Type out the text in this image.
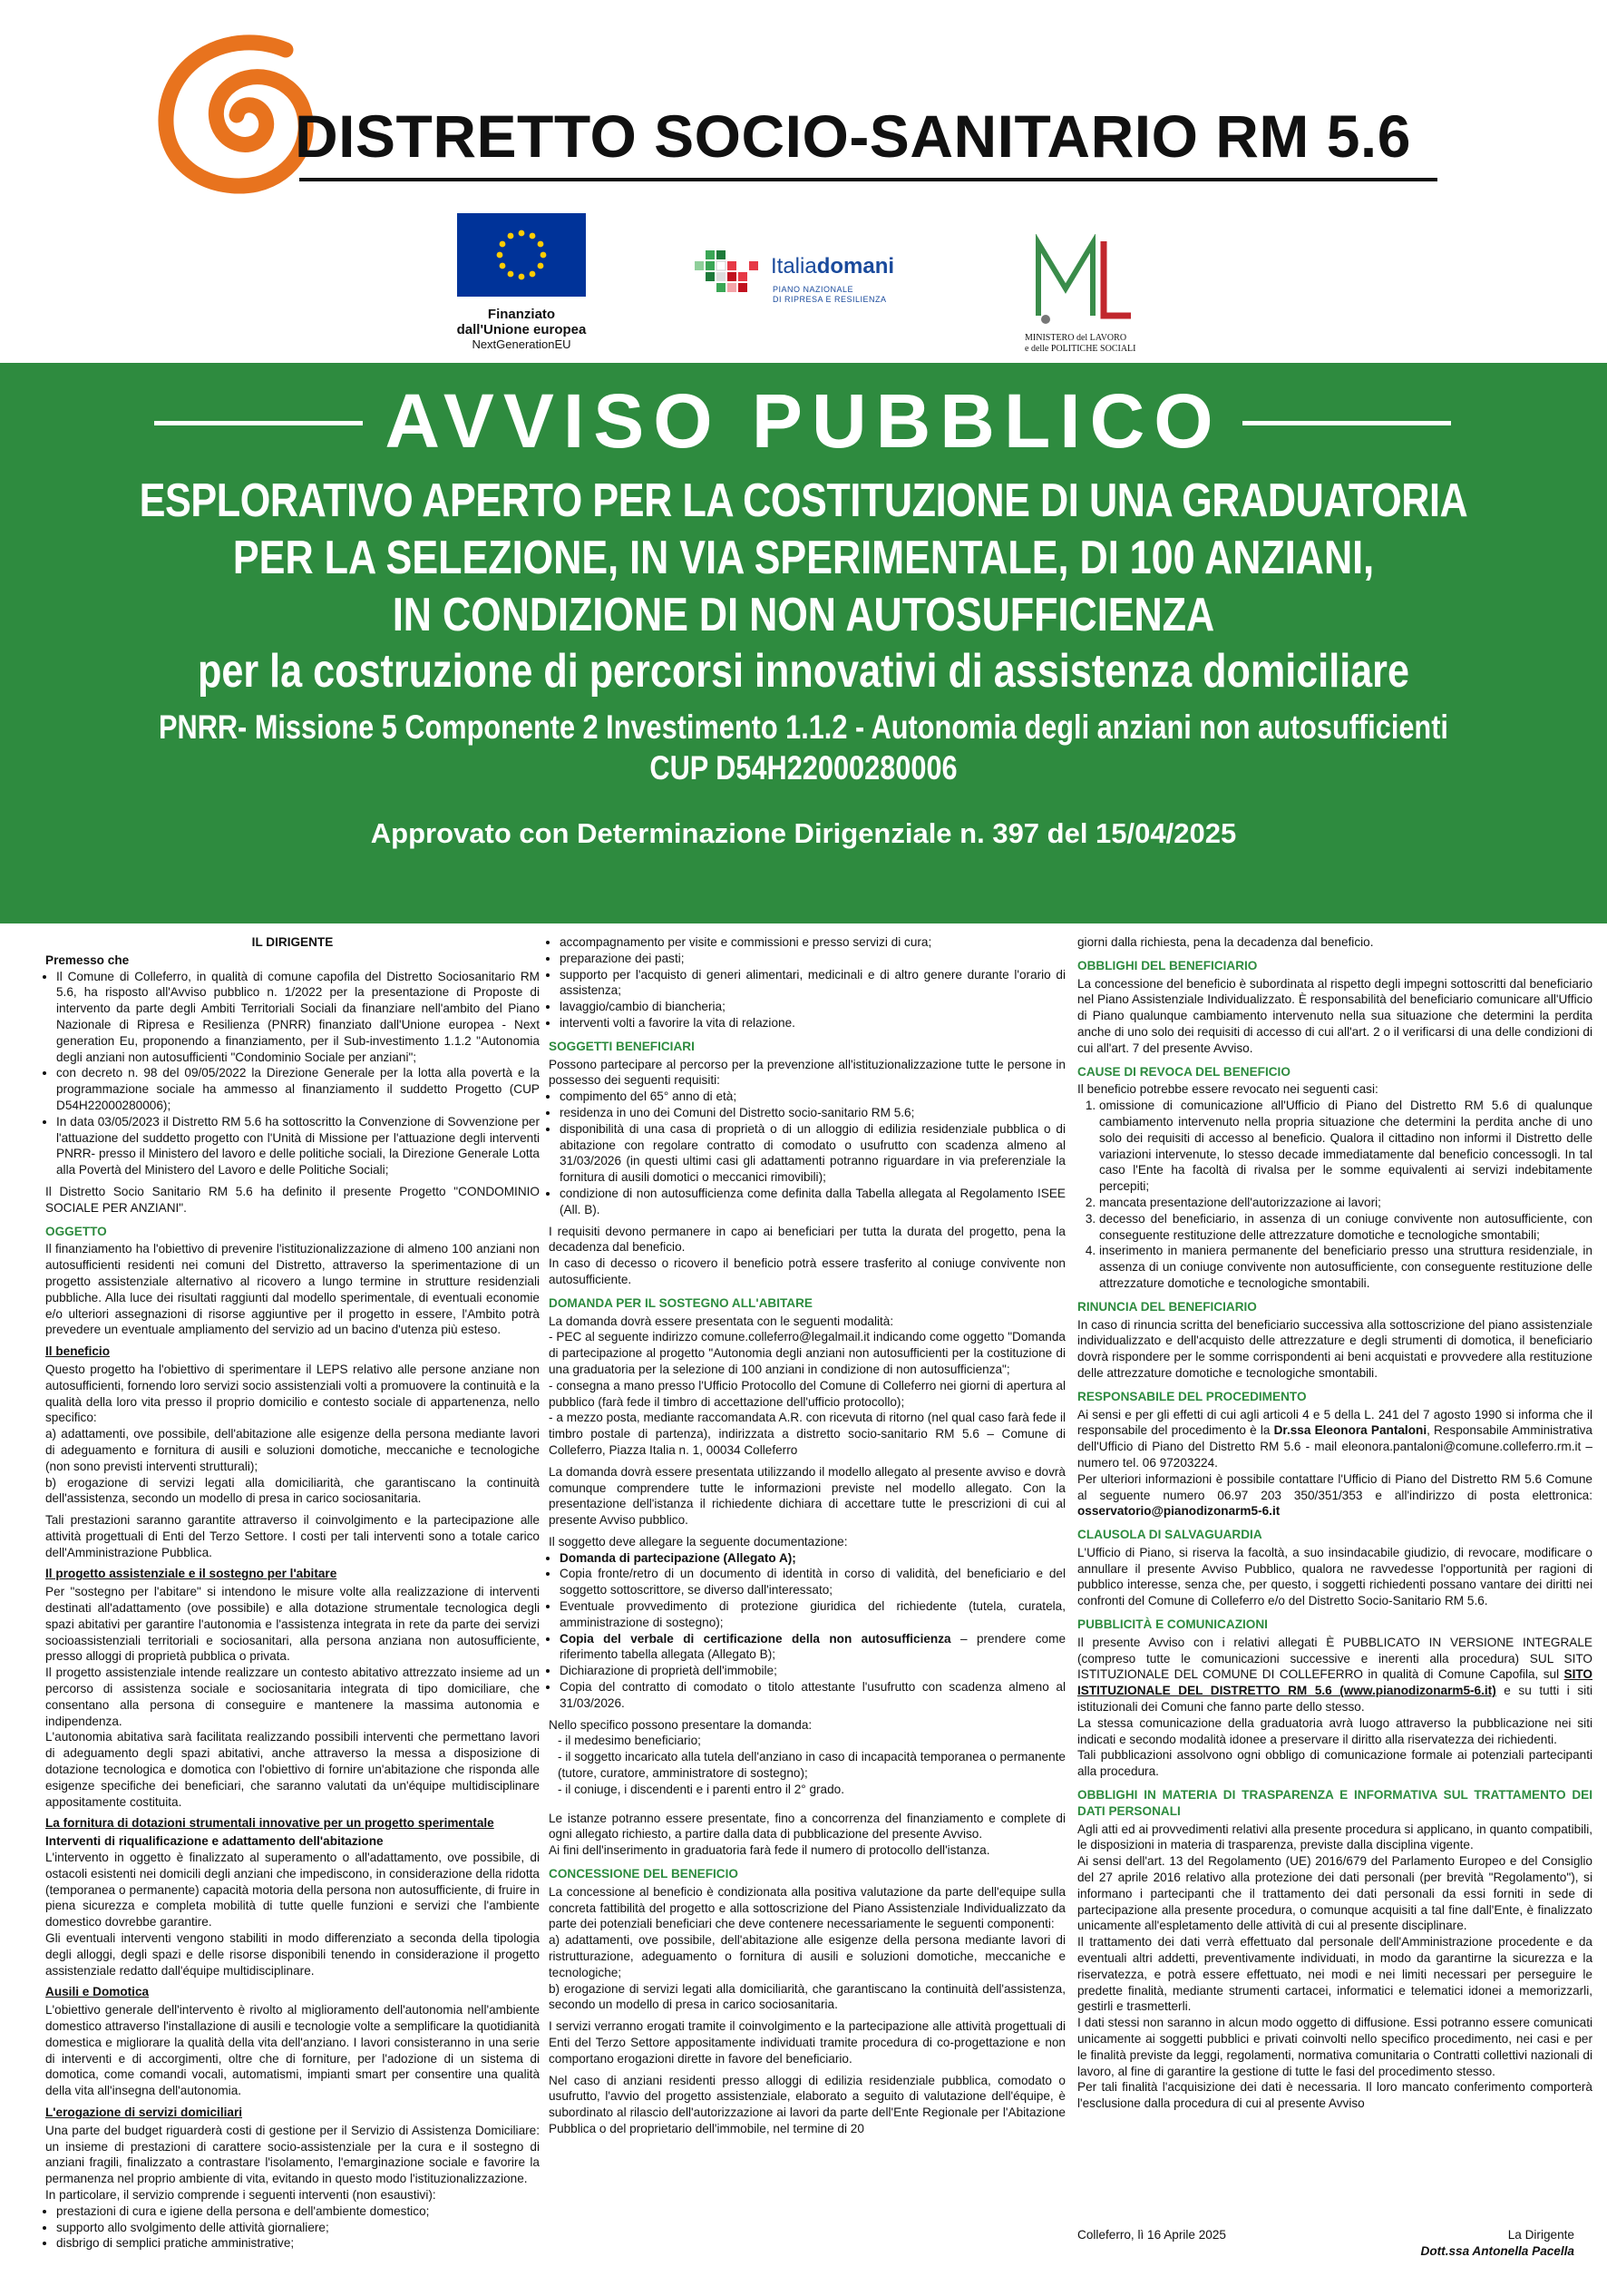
DISTRETTO SOCIO-SANITARIO RM 5.6
Finanziato
dall'Unione europea
NextGenerationEU
Italiadomani
PIANO NAZIONALE
DI RIPRESA E RESILIENZA
MINISTERO del LAVORO
e delle POLITICHE SOCIALI
AVVISO PUBBLICO
ESPLORATIVO APERTO PER LA COSTITUZIONE DI UNA GRADUATORIA
PER LA SELEZIONE, IN VIA SPERIMENTALE, DI 100 ANZIANI,
IN CONDIZIONE DI NON AUTOSUFFICIENZA
per la costruzione di percorsi innovativi di assistenza domiciliare
PNRR- Missione 5 Componente 2 Investimento 1.1.2 - Autonomia degli anziani non autosufficienti
CUP D54H22000280006
Approvato con Determinazione Dirigenziale n. 397 del 15/04/2025

IL DIRIGENTE

Premesso che

• Il Comune di Colleferro, in qualità di comune capofila del Distretto Sociosanitario RM 5.6, ha risposto all'Avviso pubblico n. 1/2022 per la presentazione di Proposte di intervento da parte degli Ambiti Territoriali Sociali da finanziare nell'ambito del Piano Nazionale di Ripresa e Resilienza (PNRR) finanziato dall'Unione europea - Next generation Eu, proponendo a finanziamento, per il Sub-investimento 1.1.2 "Autonomia degli anziani non autosufficienti "Condominio Sociale per anziani";
• con decreto n. 98 del 09/05/2022 la Direzione Generale per la lotta alla povertà e la programmazione sociale ha ammesso al finanziamento il suddetto Progetto (CUP D54H22000280006);
• In data 03/05/2023 il Distretto RM 5.6 ha sottoscritto la Convenzione di Sovvenzione per l'attuazione del suddetto progetto con l'Unità di Missione per l'attuazione degli interventi PNRR- presso il Ministero del lavoro e delle politiche sociali, la Direzione Generale Lotta alla Povertà del Ministero del Lavoro e delle Politiche Sociali;

Il Distretto Socio Sanitario RM 5.6 ha definito il presente Progetto "CONDOMINIO SOCIALE PER ANZIANI".

OGGETTO

Il finanziamento ha l'obiettivo di prevenire l'istituzionalizzazione di almeno 100 anziani non autosufficienti residenti nei comuni del Distretto, attraverso la sperimentazione di un progetto assistenziale alternativo al ricovero a lungo termine in strutture residenziali pubbliche. Alla luce dei risultati raggiunti dal modello sperimentale, di eventuali economie e/o ulteriori assegnazioni di risorse aggiuntive per il progetto in essere, l'Ambito potrà prevedere un eventuale ampliamento del servizio ad un bacino d'utenza più esteso.

Il beneficio

Questo progetto ha l'obiettivo di sperimentare il LEPS relativo alle persone anziane non autosufficienti, fornendo loro servizi socio assistenziali volti a promuovere la continuità e la qualità della loro vita presso il proprio domicilio e contesto sociale di appartenenza, nello specifico:

a) adattamenti, ove possibile, dell'abitazione alle esigenze della persona mediante lavori di adeguamento e fornitura di ausili e soluzioni domotiche, meccaniche e tecnologiche (non sono previsti interventi strutturali);

b) erogazione di servizi legati alla domiciliarità, che garantiscano la continuità dell'assistenza, secondo un modello di presa in carico sociosanitaria.

Tali prestazioni saranno garantite attraverso il coinvolgimento e la partecipazione alle attività progettuali di Enti del Terzo Settore. I costi per tali interventi sono a totale carico dell'Amministrazione Pubblica.

Il progetto assistenziale e il sostegno per l'abitare

Per "sostegno per l'abitare" si intendono le misure volte alla realizzazione di interventi destinati all'adattamento (ove possibile) e alla dotazione strumentale tecnologica degli spazi abitativi per garantire l'autonomia e l'assistenza integrata in rete da parte dei servizi socioassistenziali territoriali e sociosanitari, alla persona anziana non autosufficiente, presso alloggi di proprietà pubblica o privata.

Il progetto assistenziale intende realizzare un contesto abitativo attrezzato insieme ad un percorso di assistenza sociale e sociosanitaria integrata di tipo domiciliare, che consentano alla persona di conseguire e mantenere la massima autonomia e indipendenza.

L'autonomia abitativa sarà facilitata realizzando possibili interventi che permettano lavori di adeguamento degli spazi abitativi, anche attraverso la messa a disposizione di dotazione tecnologica e domotica con l'obiettivo di fornire un'abitazione che risponda alle esigenze specifiche dei beneficiari, che saranno valutati da un'équipe multidisciplinare appositamente costituita.

La fornitura di dotazioni strumentali innovative per un progetto sperimentale

Interventi di riqualificazione e adattamento dell'abitazione

L'intervento in oggetto è finalizzato al superamento o all'adattamento, ove possibile, di ostacoli esistenti nei domicili degli anziani che impediscono, in considerazione della ridotta (temporanea o permanente) capacità motoria della persona non autosufficiente, di fruire in piena sicurezza e completa mobilità di tutte quelle funzioni e servizi che l'ambiente domestico dovrebbe garantire.

Gli eventuali interventi vengono stabiliti in modo differenziato a seconda della tipologia degli alloggi, degli spazi e delle risorse disponibili tenendo in considerazione il progetto assistenziale redatto dall'équipe multidisciplinare.

Ausili e Domotica

L'obiettivo generale dell'intervento è rivolto al miglioramento dell'autonomia nell'ambiente domestico attraverso l'installazione di ausili e tecnologie volte a semplificare la quotidianità domestica e migliorare la qualità della vita dell'anziano. I lavori consisteranno in una serie di interventi e di accorgimenti, oltre che di forniture, per l'adozione di un sistema di domotica, come comandi vocali, automatismi, impianti smart per consentire una qualità della vita all'insegna dell'autonomia.

L'erogazione di servizi domiciliari

Una parte del budget riguarderà costi di gestione per il Servizio di Assistenza Domiciliare: un insieme di prestazioni di carattere socio-assistenziale per la cura e il sostegno di anziani fragili, finalizzato a contrastare l'isolamento, l'emarginazione sociale e favorire la permanenza nel proprio ambiente di vita, evitando in questo modo l'istituzionalizzazione.

In particolare, il servizio comprende i seguenti interventi (non esaustivi):

• prestazioni di cura e igiene della persona e dell'ambiente domestico;
• supporto allo svolgimento delle attività giornaliere;
• disbrigo di semplici pratiche amministrative;
• accompagnamento per visite e commissioni e presso servizi di cura;
• preparazione dei pasti;
• supporto per l'acquisto di generi alimentari, medicinali e di altro genere durante l'orario di assistenza;
• lavaggio/cambio di biancheria;
• interventi volti a favorire la vita di relazione.

SOGGETTI BENEFICIARI

Possono partecipare al percorso per la prevenzione all'istituzionalizzazione tutte le persone in possesso dei seguenti requisiti:

• compimento del 65° anno di età;
• residenza in uno dei Comuni del Distretto socio-sanitario RM 5.6;
• disponibilità di una casa di proprietà o di un alloggio di edilizia residenziale pubblica o di abitazione con regolare contratto di comodato o usufrutto con scadenza almeno al 31/03/2026 (in questi ultimi casi gli adattamenti potranno riguardare in via preferenziale la fornitura di ausili domotici o meccanici rimovibili);
• condizione di non autosufficienza come definita dalla Tabella allegata al Regolamento ISEE (All. B).

I requisiti devono permanere in capo ai beneficiari per tutta la durata del progetto, pena la decadenza dal beneficio.

In caso di decesso o ricovero il beneficio potrà essere trasferito al coniuge convivente non autosufficiente.

DOMANDA PER IL SOSTEGNO ALL'ABITARE

La domanda dovrà essere presentata con le seguenti modalità:

- PEC al seguente indirizzo comune.colleferro@legalmail.it indicando come oggetto "Domanda di partecipazione al progetto "Autonomia degli anziani non autosufficienti per la costituzione di una graduatoria per la selezione di 100 anziani in condizione di non autosufficienza";

- consegna a mano presso l'Ufficio Protocollo del Comune di Colleferro nei giorni di apertura al pubblico (farà fede il timbro di accettazione dell'ufficio protocollo);

- a mezzo posta, mediante raccomandata A.R. con ricevuta di ritorno (nel qual caso farà fede il timbro postale di partenza), indirizzata a distretto socio-sanitario RM 5.6 – Comune di Colleferro, Piazza Italia n. 1, 00034 Colleferro

La domanda dovrà essere presentata utilizzando il modello allegato al presente avviso e dovrà comunque comprendere tutte le informazioni previste nel modello allegato. Con la presentazione dell'istanza il richiedente dichiara di accettare tutte le prescrizioni di cui al presente Avviso pubblico.

Il soggetto deve allegare la seguente documentazione:

• Domanda di partecipazione (Allegato A);
• Copia fronte/retro di un documento di identità in corso di validità, del beneficiario e del soggetto sottoscrittore, se diverso dall'interessato;
• Eventuale provvedimento di protezione giuridica del richiedente (tutela, curatela, amministrazione di sostegno);
• Copia del verbale di certificazione della non autosufficienza – prendere come riferimento tabella allegata (Allegato B);
• Dichiarazione di proprietà dell'immobile;
• Copia del contratto di comodato o titolo attestante l'usufrutto con scadenza almeno al 31/03/2026.

Nello specifico possono presentare la domanda:

- il medesimo beneficiario;

- il soggetto incaricato alla tutela dell'anziano in caso di incapacità temporanea o permanente (tutore, curatore, amministratore di sostegno);

- il coniuge, i discendenti e i parenti entro il 2° grado.

Le istanze potranno essere presentate, fino a concorrenza del finanziamento e complete di ogni allegato richiesto, a partire dalla data di pubblicazione del presente Avviso.

Ai fini dell'inserimento in graduatoria farà fede il numero di protocollo dell'istanza.

CONCESSIONE DEL BENEFICIO

La concessione al beneficio è condizionata alla positiva valutazione da parte dell'equipe sulla concreta fattibilità del progetto e alla sottoscrizione del Piano Assistenziale Individualizzato da parte dei potenziali beneficiari che deve contenere necessariamente le seguenti componenti:

a) adattamenti, ove possibile, dell'abitazione alle esigenze della persona mediante lavori di ristrutturazione, adeguamento o fornitura di ausili e soluzioni domotiche, meccaniche e tecnologiche;

b) erogazione di servizi legati alla domiciliarità, che garantiscano la continuità dell'assistenza, secondo un modello di presa in carico sociosanitaria.

I servizi verranno erogati tramite il coinvolgimento e la partecipazione alle attività progettuali di Enti del Terzo Settore appositamente individuati tramite procedura di co-progettazione e non comportano erogazioni dirette in favore del beneficiario.

Nel caso di anziani residenti presso alloggi di edilizia residenziale pubblica, comodato o usufrutto, l'avvio del progetto assistenziale, elaborato a seguito di valutazione dell'équipe, è subordinato al rilascio dell'autorizzazione ai lavori da parte dell'Ente Regionale per l'Abitazione Pubblica o del proprietario dell'immobile, nel termine di 20

giorni dalla richiesta, pena la decadenza dal beneficio.

OBBLIGHI DEL BENEFICIARIO

La concessione del beneficio è subordinata al rispetto degli impegni sottoscritti dal beneficiario nel Piano Assistenziale Individualizzato. È responsabilità del beneficiario comunicare all'Ufficio di Piano qualunque cambiamento intervenuto nella sua situazione che determini la perdita anche di uno solo dei requisiti di accesso di cui all'art. 2 o il verificarsi di una delle condizioni di cui all'art. 7 del presente Avviso.

CAUSE DI REVOCA DEL BENEFICIO

Il beneficio potrebbe essere revocato nei seguenti casi:

1. omissione di comunicazione all'Ufficio di Piano del Distretto RM 5.6 di qualunque cambiamento intervenuto nella propria situazione che determini la perdita anche di uno solo dei requisiti di accesso al beneficio. Qualora il cittadino non informi il Distretto delle variazioni intervenute, lo stesso decade immediatamente dal beneficio concessogli. In tal caso l'Ente ha facoltà di rivalsa per le somme equivalenti ai servizi indebitamente percepiti;
2. mancata presentazione dell'autorizzazione ai lavori;
3. decesso del beneficiario, in assenza di un coniuge convivente non autosufficiente, con conseguente restituzione delle attrezzature domotiche e tecnologiche smontabili;
4. inserimento in maniera permanente del beneficiario presso una struttura residenziale, in assenza di un coniuge convivente non autosufficiente, con conseguente restituzione delle attrezzature domotiche e tecnologiche smontabili.

RINUNCIA DEL BENEFICIARIO

In caso di rinuncia scritta del beneficiario successiva alla sottoscrizione del piano assistenziale individualizzato e dell'acquisto delle attrezzature e degli strumenti di domotica, il beneficiario dovrà rispondere per le somme corrispondenti ai beni acquistati e provvedere alla restituzione delle attrezzature domotiche e tecnologiche smontabili.

RESPONSABILE DEL PROCEDIMENTO

Ai sensi e per gli effetti di cui agli articoli 4 e 5 della L. 241 del 7 agosto 1990 si informa che il responsabile del procedimento è la Dr.ssa Eleonora Pantaloni, Responsabile Amministrativa dell'Ufficio di Piano del Distretto RM 5.6 - mail eleonora.pantaloni@comune.colleferro.rm.it – numero tel. 06 97203224.

Per ulteriori informazioni è possibile contattare l'Ufficio di Piano del Distretto RM 5.6 Comune al seguente numero 06.97 203 350/351/353 e all'indirizzo di posta elettronica: osservatorio@pianodizonarm5-6.it

CLAUSOLA DI SALVAGUARDIA

L'Ufficio di Piano, si riserva la facoltà, a suo insindacabile giudizio, di revocare, modificare o annullare il presente Avviso Pubblico, qualora ne ravvedesse l'opportunità per ragioni di pubblico interesse, senza che, per questo, i soggetti richiedenti possano vantare dei diritti nei confronti del Comune di Colleferro e/o del Distretto Socio-Sanitario RM 5.6.

PUBBLICITÀ E COMUNICAZIONI

Il presente Avviso con i relativi allegati È PUBBLICATO IN VERSIONE INTEGRALE (compreso tutte le comunicazioni successive e inerenti alla procedura) SUL SITO ISTITUZIONALE DEL COMUNE DI COLLEFERRO in qualità di Comune Capofila, sul SITO ISTITUZIONALE DEL DISTRETTO RM 5.6 (www.pianodizonarm5-6.it) e su tutti i siti istituzionali dei Comuni che fanno parte dello stesso.

La stessa comunicazione della graduatoria avrà luogo attraverso la pubblicazione nei siti indicati e secondo modalità idonee a preservare il diritto alla riservatezza dei richiedenti.

Tali pubblicazioni assolvono ogni obbligo di comunicazione formale ai potenziali partecipanti alla procedura.

OBBLIGHI IN MATERIA DI TRASPARENZA E INFORMATIVA SUL TRATTAMENTO DEI DATI PERSONALI

Agli atti ed ai provvedimenti relativi alla presente procedura si applicano, in quanto compatibili, le disposizioni in materia di trasparenza, previste dalla disciplina vigente.

Ai sensi dell'art. 13 del Regolamento (UE) 2016/679 del Parlamento Europeo e del Consiglio del 27 aprile 2016 relativo alla protezione dei dati personali (per brevità "Regolamento"), si informano i partecipanti che il trattamento dei dati personali da essi forniti in sede di partecipazione alla presente procedura, o comunque acquisiti a tal fine dall'Ente, è finalizzato unicamente all'espletamento delle attività di cui al presente disciplinare.

Il trattamento dei dati verrà effettuato dal personale dell'Amministrazione procedente e da eventuali altri addetti, preventivamente individuati, in modo da garantirne la sicurezza e la riservatezza, e potrà essere effettuato, nei modi e nei limiti necessari per perseguire le predette finalità, mediante strumenti cartacei, informatici e telematici idonei a memorizzarli, gestirli e trasmetterli.

I dati stessi non saranno in alcun modo oggetto di diffusione. Essi potranno essere comunicati unicamente ai soggetti pubblici e privati coinvolti nello specifico procedimento, nei casi e per le finalità previste da leggi, regolamenti, normativa comunitaria o Contratti collettivi nazionali di lavoro, al fine di garantire la gestione di tutte le fasi del procedimento stesso.

Per tali finalità l'acquisizione dei dati è necessaria. Il loro mancato conferimento comporterà l'esclusione dalla procedura di cui al presente Avviso

Colleferro, lì 16 Aprile 2025	La Dirigente
Dott.ssa Antonella Pacella
